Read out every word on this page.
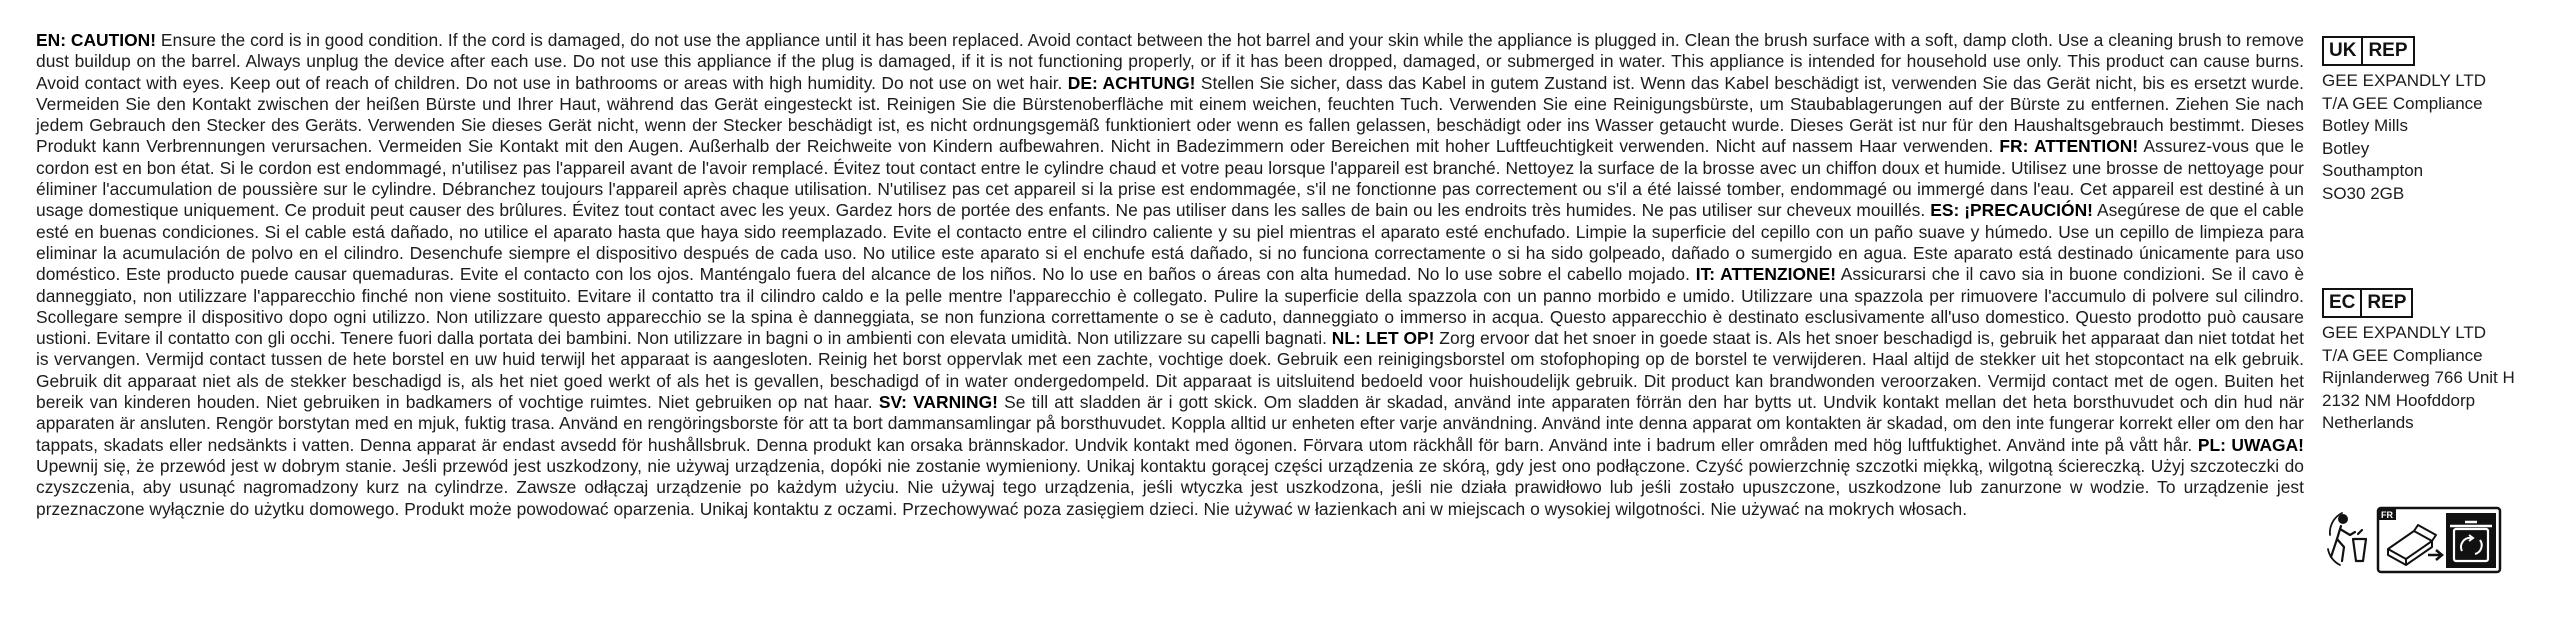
EN: CAUTION! Ensure the cord is in good condition. If the cord is damaged, do not use the appliance until it has been replaced. Avoid contact between the hot barrel and your skin while the appliance is plugged in. Clean the brush surface with a soft, damp cloth. Use a cleaning brush to remove dust buildup on the barrel. Always unplug the device after each use. Do not use this appliance if the plug is damaged, if it is not functioning properly, or if it has been dropped, damaged, or submerged in water. This appliance is intended for household use only. This product can cause burns. Avoid contact with eyes. Keep out of reach of children. Do not use in bathrooms or areas with high humidity. Do not use on wet hair. DE: ACHTUNG! Stellen Sie sicher, dass das Kabel in gutem Zustand ist. Wenn das Kabel beschädigt ist, verwenden Sie das Gerät nicht, bis es ersetzt wurde. Vermeiden Sie den Kontakt zwischen der heißen Bürste und Ihrer Haut, während das Gerät eingesteckt ist. Reinigen Sie die Bürstenoberfläche mit einem weichen, feuchten Tuch. Verwenden Sie eine Reinigungsbürste, um Staubablagerungen auf der Bürste zu entfernen. Ziehen Sie nach jedem Gebrauch den Stecker des Geräts. Verwenden Sie dieses Gerät nicht, wenn der Stecker beschädigt ist, es nicht ordnungsgemäß funktioniert oder wenn es fallen gelassen, beschädigt oder ins Wasser getaucht wurde. Dieses Gerät ist nur für den Haushaltsgebrauch bestimmt. Dieses Produkt kann Verbrennungen verursachen. Vermeiden Sie Kontakt mit den Augen. Außerhalb der Reichweite von Kindern aufbewahren. Nicht in Badezimmern oder Bereichen mit hoher Luftfeuchtigkeit verwenden. Nicht auf nassem Haar verwenden. FR: ATTENTION! Assurez-vous que le cordon est en bon état. Si le cordon est endommagé, n'utilisez pas l'appareil avant de l'avoir remplacé. Évitez tout contact entre le cylindre chaud et votre peau lorsque l'appareil est branché. Nettoyez la surface de la brosse avec un chiffon doux et humide. Utilisez une brosse de nettoyage pour éliminer l'accumulation de poussière sur le cylindre. Débranchez toujours l'appareil après chaque utilisation. N'utilisez pas cet appareil si la prise est endommagée, s'il ne fonctionne pas correctement ou s'il a été laissé tomber, endommagé ou immergé dans l'eau. Cet appareil est destiné à un usage domestique uniquement. Ce produit peut causer des brûlures. Évitez tout contact avec les yeux. Gardez hors de portée des enfants. Ne pas utiliser dans les salles de bain ou les endroits très humides. Ne pas utiliser sur cheveux mouillés. ES: ¡PRECAUCIÓN! Asegúrese de que el cable esté en buenas condiciones. Si el cable está dañado, no utilice el aparato hasta que haya sido reemplazado. Evite el contacto entre el cilindro caliente y su piel mientras el aparato esté enchufado. Limpie la superficie del cepillo con un paño suave y húmedo. Use un cepillo de limpieza para eliminar la acumulación de polvo en el cilindro. Desenchufe siempre el dispositivo después de cada uso. No utilice este aparato si el enchufe está dañado, si no funciona correctamente o si ha sido golpeado, dañado o sumergido en agua. Este aparato está destinado únicamente para uso doméstico. Este producto puede causar quemaduras. Evite el contacto con los ojos. Manténgalo fuera del alcance de los niños. No lo use en baños o áreas con alta humedad. No lo use sobre el cabello mojado. IT: ATTENZIONE! Assicurarsi che il cavo sia in buone condizioni. Se il cavo è danneggiato, non utilizzare l'apparecchio finché non viene sostituito. Evitare il contatto tra il cilindro caldo e la pelle mentre l'apparecchio è collegato. Pulire la superficie della spazzola con un panno morbido e umido. Utilizzare una spazzola per rimuovere l'accumulo di polvere sul cilindro. Scollegare sempre il dispositivo dopo ogni utilizzo. Non utilizzare questo apparecchio se la spina è danneggiata, se non funziona correttamente o se è caduto, danneggiato o immerso in acqua. Questo apparecchio è destinato esclusivamente all'uso domestico. Questo prodotto può causare ustioni. Evitare il contatto con gli occhi. Tenere fuori dalla portata dei bambini. Non utilizzare in bagni o in ambienti con elevata umidità. Non utilizzare su capelli bagnati. NL: LET OP! Zorg ervoor dat het snoer in goede staat is. Als het snoer beschadigd is, gebruik het apparaat dan niet totdat het is vervangen. Vermijd contact tussen de hete borstel en uw huid terwijl het apparaat is aangesloten. Reinig het borst oppervlak met een zachte, vochtige doek. Gebruik een reinigingsborstel om stofophoping op de borstel te verwijderen. Haal altijd de stekker uit het stopcontact na elk gebruik. Gebruik dit apparaat niet als de stekker beschadigd is, als het niet goed werkt of als het is gevallen, beschadigd of in water ondergedompeld. Dit apparaat is uitsluitend bedoeld voor huishoudelijk gebruik. Dit product kan brandwonden veroorzaken. Vermijd contact met de ogen. Buiten het bereik van kinderen houden. Niet gebruiken in badkamers of vochtige ruimtes. Niet gebruiken op nat haar. SV: VARNING! Se till att sladden är i gott skick. Om sladden är skadad, använd inte apparaten förrän den har bytts ut. Undvik kontakt mellan det heta borsthuvudet och din hud när apparaten är ansluten. Rengör borstytan med en mjuk, fuktig trasa. Använd en rengöringsborste för att ta bort dammansamlingar på borsthuvudet. Koppla alltid ur enheten efter varje användning. Använd inte denna apparat om kontakten är skadad, om den inte fungerar korrekt eller om den har tappats, skadats eller nedsänkts i vatten. Denna apparat är endast avsedd för hushållsbruk. Denna produkt kan orsaka brännskador. Undvik kontakt med ögonen. Förvara utom räckhåll för barn. Använd inte i badrum eller områden med hög luftfuktighet. Använd inte på vått hår. PL: UWAGA! Upewnij się, że przewód jest w dobrym stanie. Jeśli przewód jest uszkodzony, nie używaj urządzenia, dopóki nie zostanie wymieniony. Unikaj kontaktu gorącej części urządzenia ze skórą, gdy jest ono podłączone. Czyść powierzchnię szczotki miękką, wilgotną ściereczką. Użyj szczoteczki do czyszczenia, aby usunąć nagromadzony kurz na cylindrze. Zawsze odłączaj urządzenie po każdym użyciu. Nie używaj tego urządzenia, jeśli wtyczka jest uszkodzona, jeśli nie działa prawidłowo lub jeśli zostało upuszczone, uszkodzone lub zanurzone w wodzie. To urządzenie jest przeznaczone wyłącznie do użytku domowego. Produkt może powodować oparzenia. Unikaj kontaktu z oczami. Przechowywać poza zasięgiem dzieci. Nie używać w łazienkach ani w miejscach o wysokiej wilgotności. Nie używać na mokrych włosach.
UK REP
GEE EXPANDLY LTD
T/A GEE Compliance
Botley Mills
Botley
Southampton
SO30 2GB
EC REP
GEE EXPANDLY LTD
T/A GEE Compliance
Rijnlanderweg 766 Unit H
2132 NM Hoofddorp
Netherlands
FR
